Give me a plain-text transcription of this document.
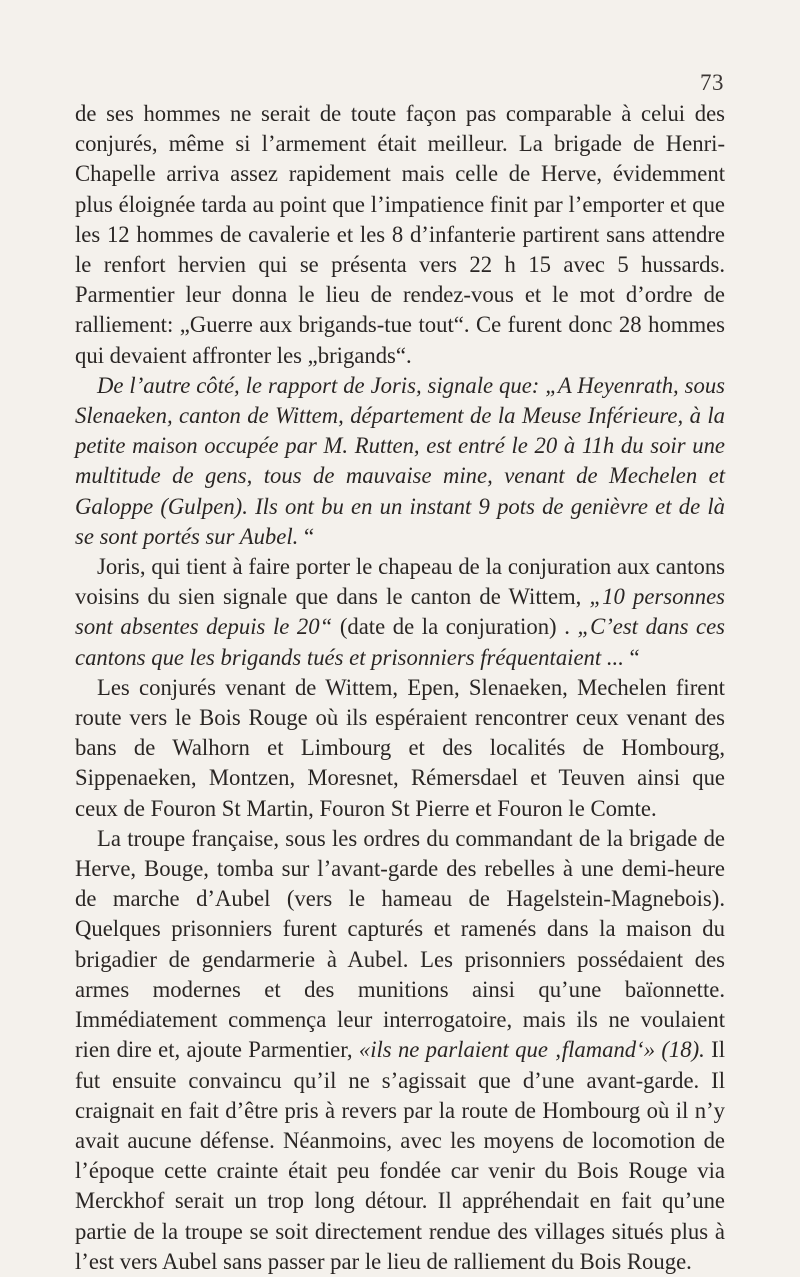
73

de ses hommes ne serait de toute façon pas comparable à celui des conjurés, même si l’armement était meilleur. La brigade de Henri-Chapelle arriva assez rapidement mais celle de Herve, évidemment plus éloignée tarda au point que l’impatience finit par l’emporter et que les 12 hommes de cavalerie et les 8 d’infanterie partirent sans attendre le renfort hervien qui se présenta vers 22 h 15 avec 5 hussards. Parmentier leur donna le lieu de rendez-vous et le mot d’ordre de ralliement: „Guerre aux brigands-tue tout“. Ce furent donc 28 hommes qui devaient affronter les „brigands“.

De l’autre côté, le rapport de Joris, signale que: „A Heyenrath, sous Slenaeken, canton de Wittem, département de la Meuse Inférieure, à la petite maison occupée par M. Rutten, est entré le 20 à 11h du soir une multitude de gens, tous de mauvaise mine, venant de Mechelen et Galoppe (Gulpen). Ils ont bu en un instant 9 pots de genièvre et de là se sont portés sur Aubel. “

Joris, qui tient à faire porter le chapeau de la conjuration aux cantons voisins du sien signale que dans le canton de Wittem, „10 personnes sont absentes depuis le 20“ (date de la conjuration) . „C’est dans ces cantons que les brigands tués et prisonniers fréquentaient ... “

Les conjurés venant de Wittem, Epen, Slenaeken, Mechelen firent route vers le Bois Rouge où ils espéraient rencontrer ceux venant des bans de Walhorn et Limbourg et des localités de Hombourg, Sippenaeken, Montzen, Moresnet, Rémersdael et Teuven ainsi que ceux de Fouron St Martin, Fouron St Pierre et Fouron le Comte.

La troupe française, sous les ordres du commandant de la brigade de Herve, Bouge, tomba sur l’avant-garde des rebelles à une demi-heure de marche d’Aubel (vers le hameau de Hagelstein-Magnebois). Quelques prisonniers furent capturés et ramenés dans la maison du brigadier de gendarmerie à Aubel. Les prisonniers possédaient des armes modernes et des munitions ainsi qu’une baïonnette. Immédiatement commença leur interrogatoire, mais ils ne voulaient rien dire et, ajoute Parmentier, «ils ne parlaient que ‚flamand‘» (18). Il fut ensuite convaincu qu’il ne s’agissait que d’une avant-garde. Il craignait en fait d’être pris à revers par la route de Hombourg où il n’y avait aucune défense. Néanmoins, avec les moyens de locomotion de l’époque cette crainte était peu fondée car venir du Bois Rouge via Merckhof serait un trop long détour. Il appréhendait en fait qu’une partie de la troupe se soit directement rendue des villages situés plus à l’est vers Aubel sans passer par le lieu de ralliement du Bois Rouge.
